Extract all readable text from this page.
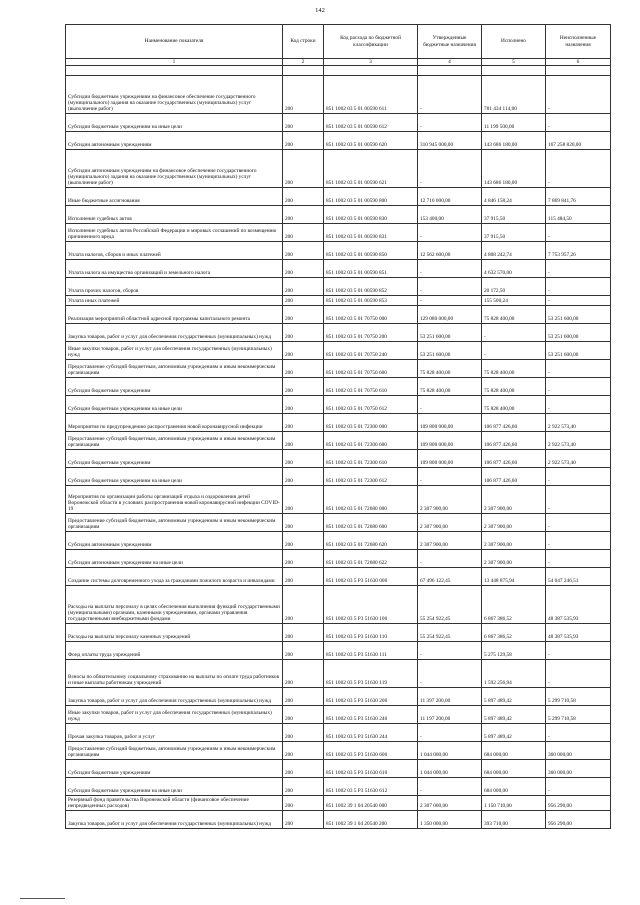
142
Наименование показателя	Код строки	Код расхода по бюджетной классификации	Утвержденные бюджетные назначения	Исполнено	Неисполненные назначения
1	2	3	4	5	6

Субсидии бюджетным учреждениям на финансовое обеспечение государственного (муниципального) задания на оказание государственных (муниципальных) услуг (выполнение работ)	200	851 1002 03 5 01 00590 611	-	781 434 114,00	-
Субсидии бюджетным учреждениям на иные цели	200	851 1002 03 5 01 00590 612	-	11 199 500,00	-
Субсидии автономным учреждениям	200	851 1002 03 5 01 00590 620	310 945 000,00	143 686 180,00	167 258 820,00
Субсидии автономным учреждениям на финансовое обеспечение государственного (муниципального) задания на оказание государственных (муниципальных) услуг (выполнение работ)	200	851 1002 03 5 01 00590 621	-	143 686 180,00	-
Иные бюджетные ассигнования	200	851 1002 03 5 01 00590 800	12 716 000,00	4 846 158,24	7 869 841,76
Исполнение судебных актов	200	851 1002 03 5 01 00590 830	153 400,00	37 915,50	115 484,50
Исполнение судебных актов Российской Федерации и мировых соглашений по возмещению причиненного вреда	200	851 1002 03 5 01 00590 831	-	37 915,50	-
Уплата налогов, сборов и иных платежей	200	851 1002 03 5 01 00590 850	12 562 600,00	4 808 242,74	7 753 957,26
Уплата налога на имущество организаций и земельного налога	200	851 1002 03 5 01 00590 851	-	4 632 570,00	-
Уплата прочих налогов, сборов	200	851 1002 03 5 01 00590 852	-	20 172,50	-
Уплата иных платежей	200	851 1002 03 5 01 00590 853	-	155 500,24	-
Реализация мероприятий областной адресной программы капитального ремонта	200	851 1002 03 5 01 70750 000	129 080 000,00	75 828 400,00	53 251 600,00
Закупка товаров, работ и услуг для обеспечения государственных (муниципальных) нужд	200	851 1002 03 5 01 70750 200	53 251 600,00	-	53 251 600,00
Иные закупки товаров, работ и услуг для обеспечения государственных (муниципальных) нужд	200	851 1002 03 5 01 70750 240	53 251 600,00	-	53 251 600,00
Предоставление субсидий бюджетным, автономным учреждениям и иным некоммерческим организациям	200	851 1002 03 5 01 70750 600	75 828 400,00	75 828 400,00	-
Субсидии бюджетным учреждениям	200	851 1002 03 5 01 70750 610	75 828 400,00	75 828 400,00	-
Субсидии бюджетным учреждениям на иные цели	200	851 1002 03 5 01 70750 612	-	75 828 400,00	-
Мероприятия по предупреждению распространения новой коронавирусной инфекции	200	851 1002 03 5 01 72300 000	109 800 000,00	106 877 426,60	2 922 573,40
Предоставление субсидий бюджетным, автономным учреждениям и иным некоммерческим организациям	200	851 1002 03 5 01 72300 600	109 800 000,00	106 877 426,60	2 922 573,40
Субсидии бюджетным учреждениям	200	851 1002 03 5 01 72300 610	109 800 000,00	106 877 426,60	2 922 573,40
Субсидии бюджетным учреждениям на иные цели	200	851 1002 03 5 01 72300 612	-	106 877 426,60	-
Мероприятия по организации работы организаций отдыха и оздоровления детей Воронежской области в условиях распространения новой коронавирусной инфекции COVID-19	200	851 1002 03 5 01 72680 000	2 307 900,00	2 307 900,00	-
Предоставление субсидий бюджетным, автономным учреждениям и иным некоммерческим организациям	200	851 1002 03 5 01 72680 600	2 307 900,00	2 307 900,00	-
Субсидии автономным учреждениям	200	851 1002 03 5 01 72680 620	2 307 900,00	2 307 900,00	-
Субсидии автономным учреждениям на иные цели	200	851 1002 03 5 01 72680 622	-	2 307 900,00	-
Создание системы долговременного ухода за гражданами пожилого возраста и инвалидами	200	851 1002 03 5 P3 51630 000	67 496 122,45	13 448 875,94	54 047 246,51
Расходы на выплаты персоналу в целях обеспечения выполнения функций государственными (муниципальными) органами, казенными учреждениями, органами управления государственными внебюджетными фондами	200	851 1002 03 5 P3 51630 100	55 254 922,45	6 867 386,52	48 387 535,93
Расходы на выплаты персоналу казенных учреждений	200	851 1002 03 5 P3 51630 110	55 254 922,45	6 867 386,52	48 387 535,93
Фонд оплаты труда учреждений	200	851 1002 03 5 P3 51630 111	-	5 275 129,58	-
Взносы по обязательному социальному страхованию на выплаты по оплате труда работников и иные выплаты работникам учреждений	200	851 1002 03 5 P3 51630 119	-	1 592 256,94	-
Закупка товаров, работ и услуг для обеспечения государственных (муниципальных) нужд	200	851 1002 03 5 P3 51630 200	11 397 200,00	5 897 489,42	5 299 710,58
Иные закупки товаров, работ и услуг для обеспечения государственных (муниципальных) нужд	200	851 1002 03 5 P3 51630 240	11 197 200,00	5 897 489,42	5 299 710,58
Прочая закупка товаров, работ и услуг	200	851 1002 03 5 P3 51630 244	-	5 897 489,42	-
Предоставление субсидий бюджетным, автономным учреждениям и иным некоммерческим организациям	200	851 1002 03 5 P3 51630 600	1 044 000,00	684 000,00	360 000,00
Субсидии бюджетным учреждениям	200	851 1002 03 5 P3 51630 610	1 044 000,00	684 000,00	360 000,00
Субсидии бюджетным учреждениям на иные цели	200	851 1002 03 5 P3 51630 612	-	684 000,00	-
Резервный фонд правительства Воронежской области (финансовое обеспечение непредвиденных расходов)	200	851 1002 39 1 04 20540 000	2 307 000,00	1 150 710,00	956 290,00
Закупка товаров, работ и услуг для обеспечения государственных (муниципальных) нужд	200	851 1002 39 1 04 20540 200	1 350 000,00	393 710,00	956 290,00
